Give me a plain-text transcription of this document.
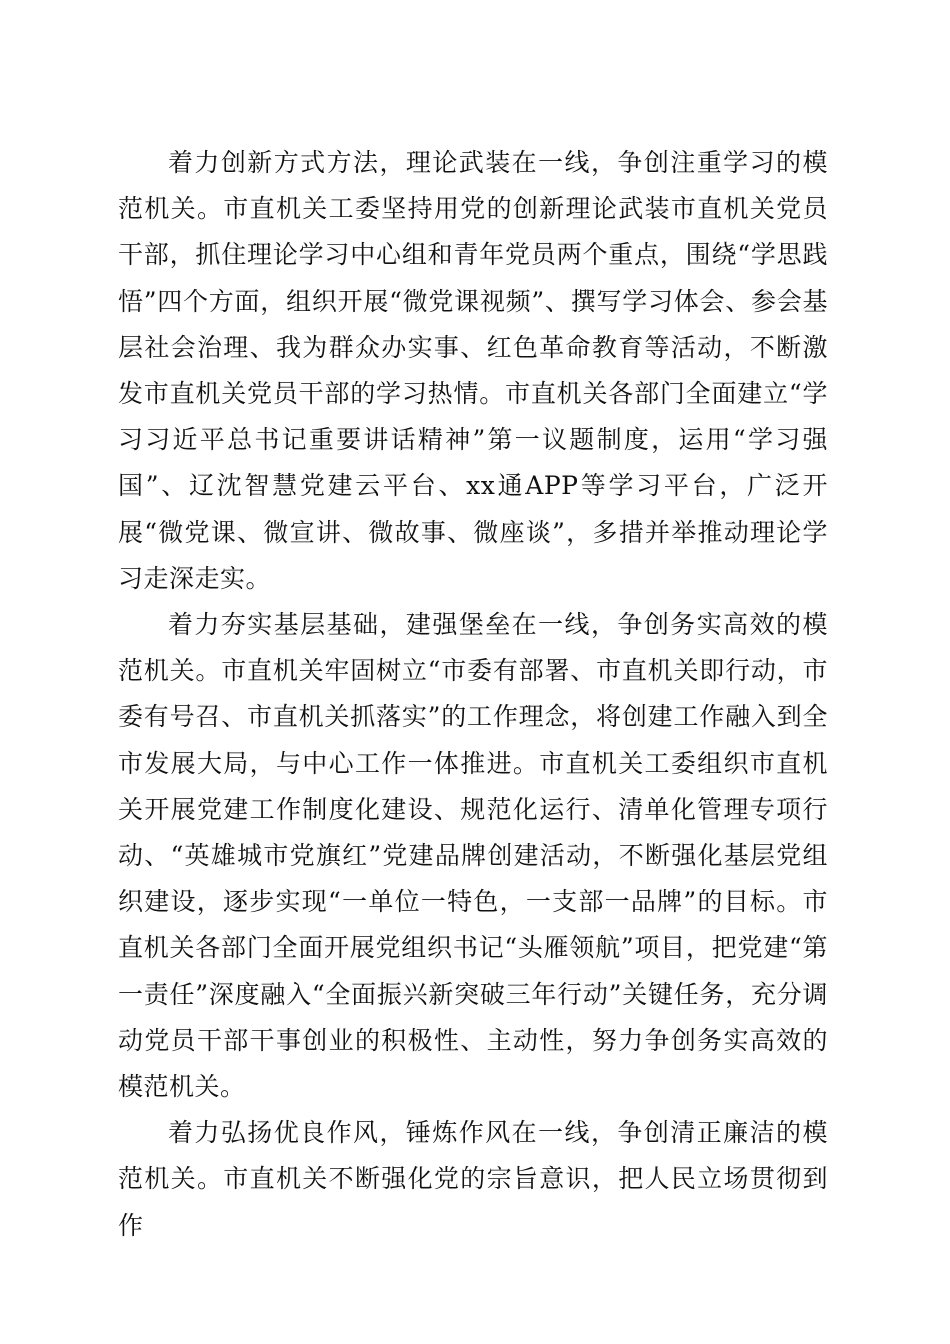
着力创新方式方法，理论武装在一线，争创注重学习的模范机关。市直机关工委坚持用党的创新理论武装市直机关党员干部，抓住理论学习中心组和青年党员两个重点，围绕“学思践悟”四个方面，组织开展“微党课视频”、撰写学习体会、参会基层社会治理、我为群众办实事、红色革命教育等活动，不断激发市直机关党员干部的学习热情。市直机关各部门全面建立“学习习近平总书记重要讲话精神”第一议题制度，运用“学习强国”、辽沈智慧党建云平台、xx通APP等学习平台，广泛开展“微党课、微宣讲、微故事、微座谈”，多措并举推动理论学习走深走实。

着力夯实基层基础，建强堡垒在一线，争创务实高效的模范机关。市直机关牢固树立“市委有部署、市直机关即行动，市委有号召、市直机关抓落实”的工作理念，将创建工作融入到全市发展大局，与中心工作一体推进。市直机关工委组织市直机关开展党建工作制度化建设、规范化运行、清单化管理专项行动、“英雄城市党旗红”党建品牌创建活动，不断强化基层党组织建设，逐步实现“一单位一特色，一支部一品牌”的目标。市直机关各部门全面开展党组织书记“头雁领航”项目，把党建“第一责任”深度融入“全面振兴新突破三年行动”关键任务，充分调动党员干部干事创业的积极性、主动性，努力争创务实高效的模范机关。

着力弘扬优良作风，锤炼作风在一线，争创清正廉洁的模范机关。市直机关不断强化党的宗旨意识，把人民立场贯彻到作
